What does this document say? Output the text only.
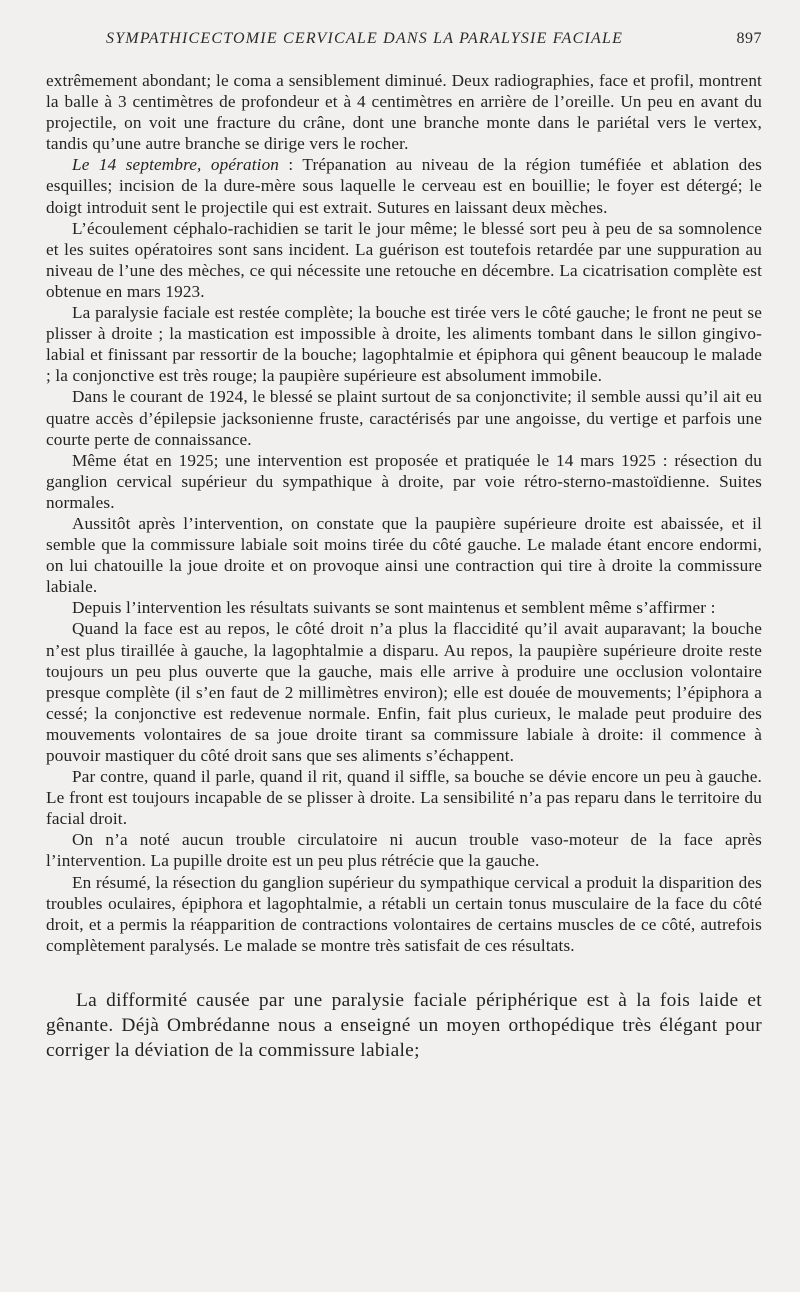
SYMPATHICECTOMIE CERVICALE DANS LA PARALYSIE FACIALE	897

extrêmement abondant; le coma a sensiblement diminué. Deux radiographies, face et profil, montrent la balle à 3 centimètres de profondeur et à 4 centimètres en arrière de l’oreille. Un peu en avant du projectile, on voit une fracture du crâne, dont une branche monte dans le pariétal vers le vertex, tandis qu’une autre branche se dirige vers le rocher.

Le 14 septembre, opération : Trépanation au niveau de la région tuméfiée et ablation des esquilles; incision de la dure-mère sous laquelle le cerveau est en bouillie; le foyer est détergé; le doigt introduit sent le projectile qui est extrait. Sutures en laissant deux mèches.

L’écoulement céphalo-rachidien se tarit le jour même; le blessé sort peu à peu de sa somnolence et les suites opératoires sont sans incident. La guérison est toutefois retardée par une suppuration au niveau de l’une des mèches, ce qui nécessite une retouche en décembre. La cicatrisation complète est obtenue en mars 1923.

La paralysie faciale est restée complète; la bouche est tirée vers le côté gauche; le front ne peut se plisser à droite ; la mastication est impossible à droite, les aliments tombant dans le sillon gingivo-labial et finissant par ressortir de la bouche; lagophtalmie et épiphora qui gênent beaucoup le malade ; la conjonctive est très rouge; la paupière supérieure est absolument immobile.

Dans le courant de 1924, le blessé se plaint surtout de sa conjonctivite; il semble aussi qu’il ait eu quatre accès d’épilepsie jacksonienne fruste, caractérisés par une angoisse, du vertige et parfois une courte perte de connaissance.

Même état en 1925; une intervention est proposée et pratiquée le 14 mars 1925 : résection du ganglion cervical supérieur du sympathique à droite, par voie rétro-sterno-mastoïdienne. Suites normales.

Aussitôt après l’intervention, on constate que la paupière supérieure droite est abaissée, et il semble que la commissure labiale soit moins tirée du côté gauche. Le malade étant encore endormi, on lui chatouille la joue droite et on provoque ainsi une contraction qui tire à droite la commissure labiale.

Depuis l’intervention les résultats suivants se sont maintenus et semblent même s’affirmer :

Quand la face est au repos, le côté droit n’a plus la flaccidité qu’il avait auparavant; la bouche n’est plus tiraillée à gauche, la lagophtalmie a disparu. Au repos, la paupière supérieure droite reste toujours un peu plus ouverte que la gauche, mais elle arrive à produire une occlusion volontaire presque complète (il s’en faut de 2 millimètres environ); elle est douée de mouvements; l’épiphora a cessé; la conjonctive est redevenue normale. Enfin, fait plus curieux, le malade peut produire des mouvements volontaires de sa joue droite tirant sa commissure labiale à droite: il commence à pouvoir mastiquer du côté droit sans que ses aliments s’échappent.

Par contre, quand il parle, quand il rit, quand il siffle, sa bouche se dévie encore un peu à gauche. Le front est toujours incapable de se plisser à droite. La sensibilité n’a pas reparu dans le territoire du facial droit.

On n’a noté aucun trouble circulatoire ni aucun trouble vaso-moteur de la face après l’intervention. La pupille droite est un peu plus rétrécie que la gauche.

En résumé, la résection du ganglion supérieur du sympathique cervical a produit la disparition des troubles oculaires, épiphora et lagophtalmie, a rétabli un certain tonus musculaire de la face du côté droit, et a permis la réapparition de contractions volontaires de certains muscles de ce côté, autrefois complètement paralysés. Le malade se montre très satisfait de ces résultats.

La difformité causée par une paralysie faciale périphérique est à la fois laide et gênante. Déjà Ombrédanne nous a enseigné un moyen orthopédique très élégant pour corriger la déviation de la commissure labiale;
